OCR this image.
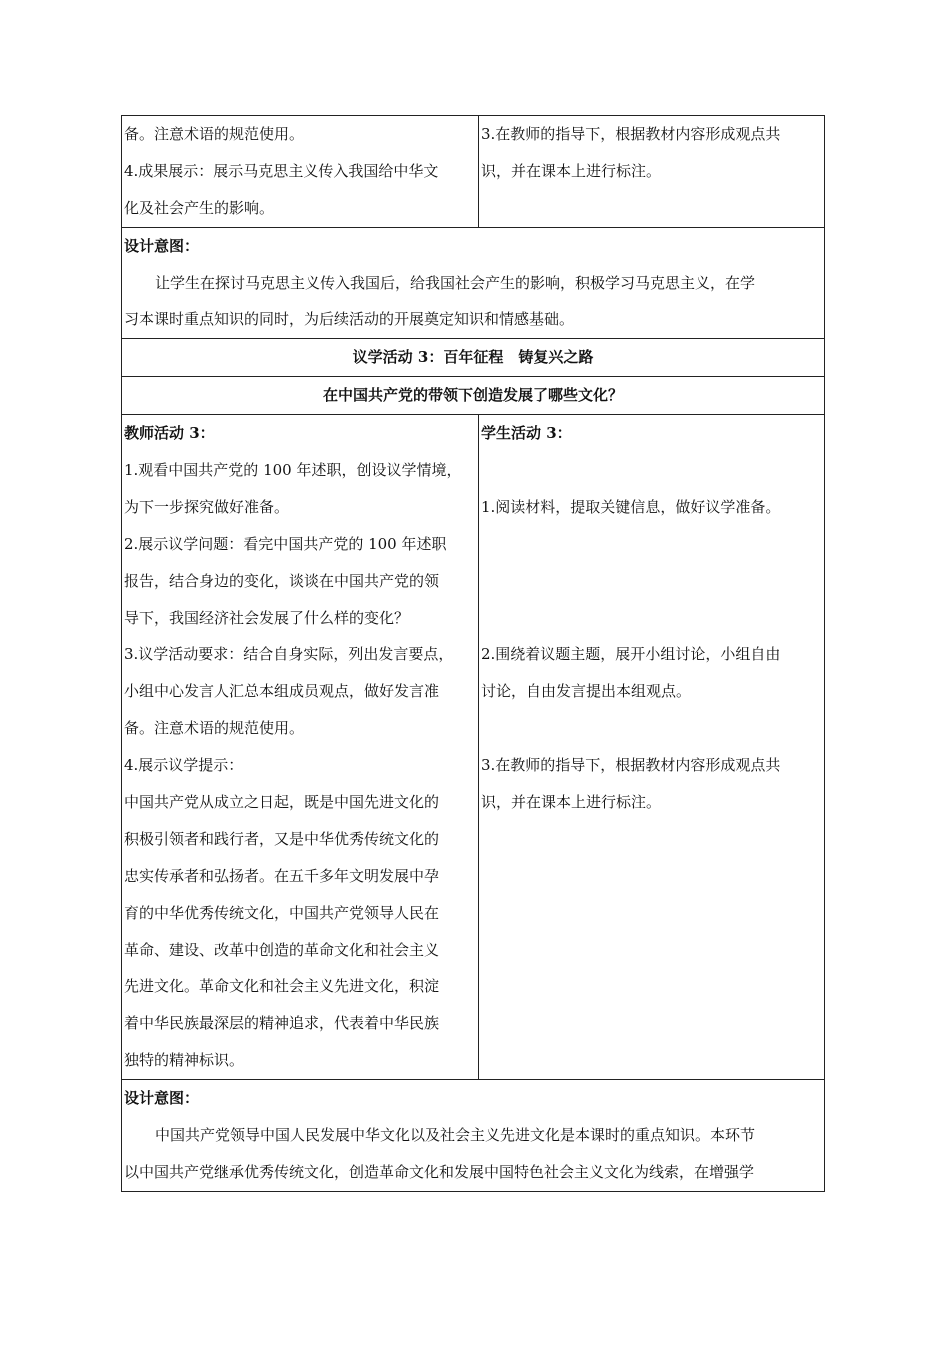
备。注意术语的规范使用。
4.成果展示：展示马克思主义传入我国给中华文
化及社会产生的影响。
3.在教师的指导下，根据教材内容形成观点共
识，并在课本上进行标注。
设计意图：
让学生在探讨马克思主义传入我国后，给我国社会产生的影响，积极学习马克思主义，在学
习本课时重点知识的同时，为后续活动的开展奠定知识和情感基础。
议学活动 3：百年征程　铸复兴之路
在中国共产党的带领下创造发展了哪些文化？
教师活动 3：
1.观看中国共产党的 100 年述职，创设议学情境，
为下一步探究做好准备。
2.展示议学问题：看完中国共产党的 100 年述职
报告，结合身边的变化，谈谈在中国共产党的领
导下，我国经济社会发展了什么样的变化？
3.议学活动要求：结合自身实际，列出发言要点，
小组中心发言人汇总本组成员观点，做好发言准
备。注意术语的规范使用。
4.展示议学提示：
中国共产党从成立之日起，既是中国先进文化的
积极引领者和践行者，又是中华优秀传统文化的
忠实传承者和弘扬者。在五千多年文明发展中孕
育的中华优秀传统文化，中国共产党领导人民在
革命、建设、改革中创造的革命文化和社会主义
先进文化。革命文化和社会主义先进文化，积淀
着中华民族最深层的精神追求，代表着中华民族
独特的精神标识。
学生活动 3：
1.阅读材料，提取关键信息，做好议学准备。
2.围绕着议题主题，展开小组讨论，小组自由
讨论，自由发言提出本组观点。
3.在教师的指导下，根据教材内容形成观点共
识，并在课本上进行标注。
设计意图：
中国共产党领导中国人民发展中华文化以及社会主义先进文化是本课时的重点知识。本环节
以中国共产党继承优秀传统文化，创造革命文化和发展中国特色社会主义文化为线索，在增强学
